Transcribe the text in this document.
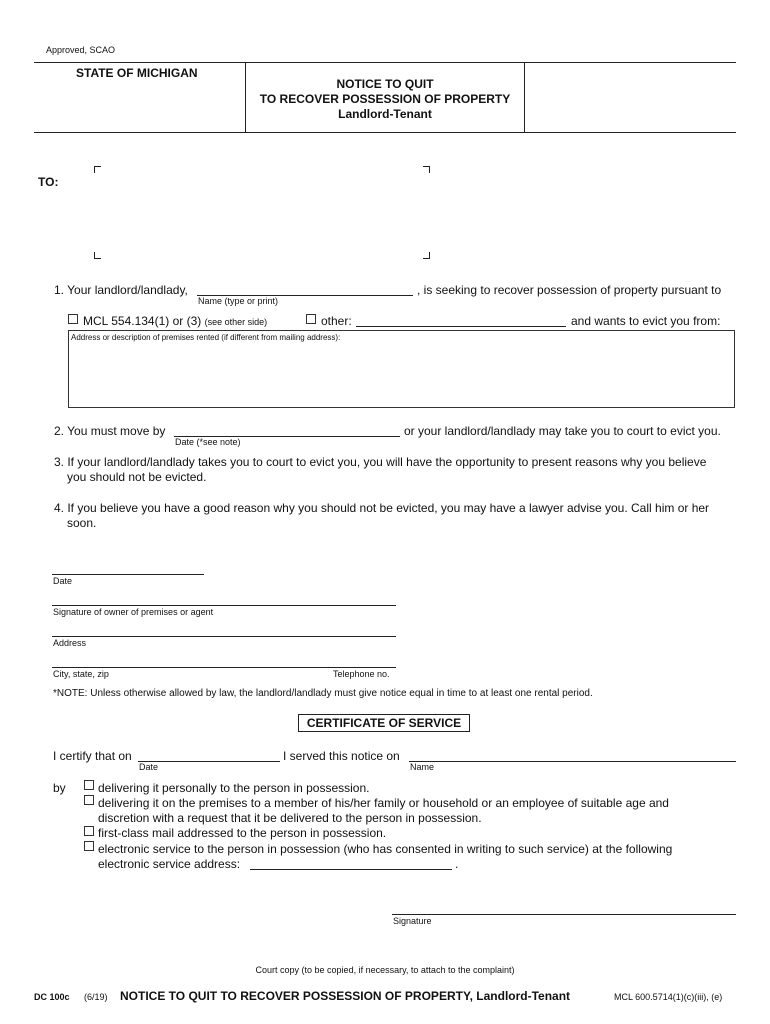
Approved, SCAO
STATE OF MICHIGAN
NOTICE TO QUIT
TO RECOVER POSSESSION OF PROPERTY
Landlord-Tenant
TO:
1. Your landlord/landlady,
Name (type or print)
, is seeking to recover possession of property pursuant to
MCL 554.134(1) or (3) (see other side)	other:	and wants to evict you from:
Address or description of premises rented (if different from mailing address):
2. You must move by
Date (*see note)
or your landlord/landlady may take you to court to evict you.
3. If your landlord/landlady takes you to court to evict you, you will have the opportunity to present reasons why you believe
you should not be evicted.
4. If you believe you have a good reason why you should not be evicted, you may have a lawyer advise you. Call him or her
soon.
Date
Signature of owner of premises or agent
Address
City, state, zip	Telephone no.
*NOTE: Unless otherwise allowed by law, the landlord/landlady must give notice equal in time to at least one rental period.
CERTIFICATE OF SERVICE
I certify that on
Date
I served this notice on
Name
by	delivering it personally to the person in possession.
delivering it on the premises to a member of his/her family or household or an employee of suitable age and
discretion with a request that it be delivered to the person in possession.
first-class mail addressed to the person in possession.
electronic service to the person in possession (who has consented in writing to such service) at the following
electronic service address:	.
Signature
Court copy (to be copied, if necessary, to attach to the complaint)
DC 100c (6/19) NOTICE TO QUIT TO RECOVER POSSESSION OF PROPERTY, Landlord-Tenant	MCL 600.5714(1)(c)(iii), (e)
